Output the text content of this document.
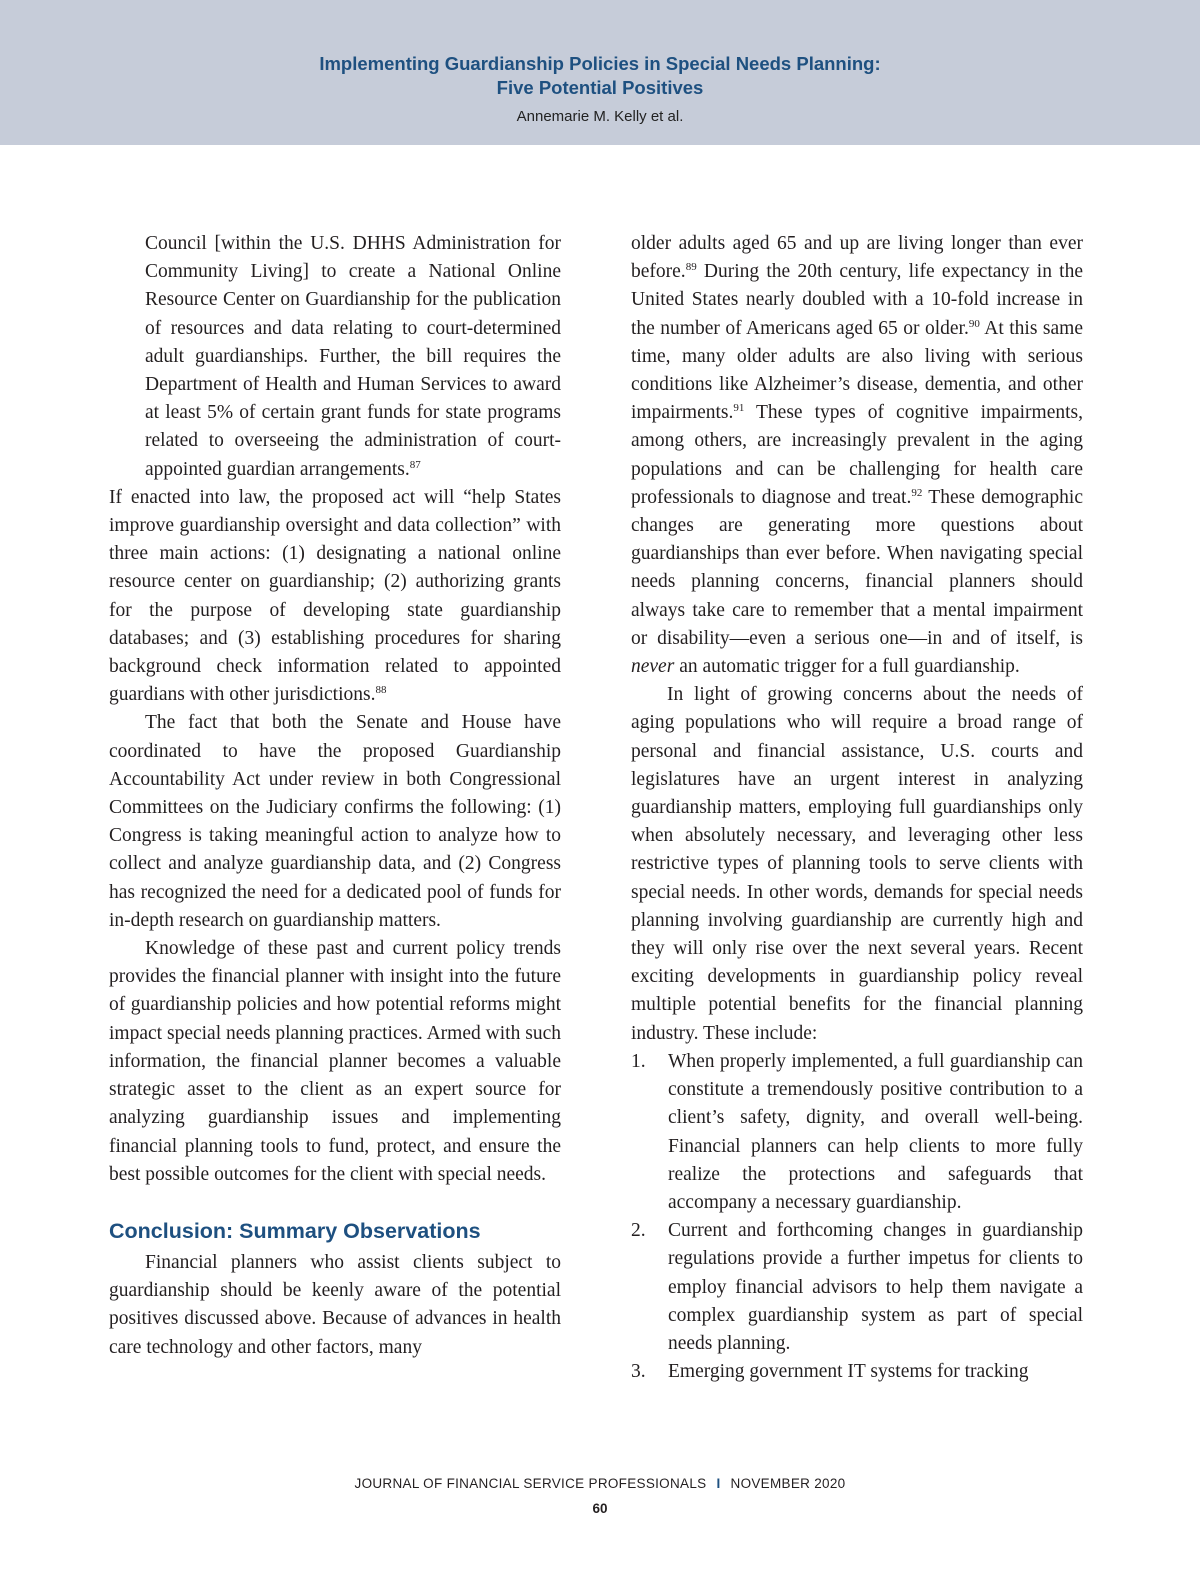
Implementing Guardianship Policies in Special Needs Planning:
Five Potential Positives
Annemarie M. Kelly et al.

Council [within the U.S. DHHS Administration for Community Living] to create a National Online Resource Center on Guardianship for the publication of resources and data relating to court-determined adult guardianships. Further, the bill requires the Department of Health and Human Services to award at least 5% of certain grant funds for state programs related to overseeing the administration of court-appointed guardian arrangements.$^{87}$

If enacted into law, the proposed act will “help States improve guardianship oversight and data collection” with three main actions: (1) designating a national online resource center on guardianship; (2) authorizing grants for the purpose of developing state guardianship databases; and (3) establishing procedures for sharing background check information related to appointed guardians with other jurisdictions.$^{88}$

The fact that both the Senate and House have coordinated to have the proposed Guardianship Accountability Act under review in both Congressional Committees on the Judiciary confirms the following: (1) Congress is taking meaningful action to analyze how to collect and analyze guardianship data, and (2) Congress has recognized the need for a dedicated pool of funds for in-depth research on guardianship matters.

Knowledge of these past and current policy trends provides the financial planner with insight into the future of guardianship policies and how potential reforms might impact special needs planning practices. Armed with such information, the financial planner becomes a valuable strategic asset to the client as an expert source for analyzing guardianship issues and implementing financial planning tools to fund, protect, and ensure the best possible outcomes for the client with special needs.

Conclusion: Summary Observations

Financial planners who assist clients subject to guardianship should be keenly aware of the potential positives discussed above. Because of advances in health care technology and other factors, many

older adults aged 65 and up are living longer than ever before.$^{89}$ During the 20th century, life expectancy in the United States nearly doubled with a 10-fold increase in the number of Americans aged 65 or older.$^{90}$ At this same time, many older adults are also living with serious conditions like Alzheimer’s disease, dementia, and other impairments.$^{91}$ These types of cognitive impairments, among others, are increasingly prevalent in the aging populations and can be challenging for health care professionals to diagnose and treat.$^{92}$ These demographic changes are generating more questions about guardianships than ever before. When navigating special needs planning concerns, financial planners should always take care to remember that a mental impairment or disability—even a serious one—in and of itself, is never an automatic trigger for a full guardianship.

In light of growing concerns about the needs of aging populations who will require a broad range of personal and financial assistance, U.S. courts and legislatures have an urgent interest in analyzing guardianship matters, employing full guardianships only when absolutely necessary, and leveraging other less restrictive types of planning tools to serve clients with special needs. In other words, demands for special needs planning involving guardianship are currently high and they will only rise over the next several years. Recent exciting developments in guardianship policy reveal multiple potential benefits for the financial planning industry. These include:

1.	When properly implemented, a full guardianship can constitute a tremendously positive contribution to a client’s safety, dignity, and overall well-being. Financial planners can help clients to more fully realize the protections and safeguards that accompany a necessary guardianship.
2.	Current and forthcoming changes in guardianship regulations provide a further impetus for clients to employ financial advisors to help them navigate a complex guardianship system as part of special needs planning.
3.	Emerging government IT systems for tracking
JOURNAL OF FINANCIAL SERVICE PROFESSIONALS I NOVEMBER 2020
60
